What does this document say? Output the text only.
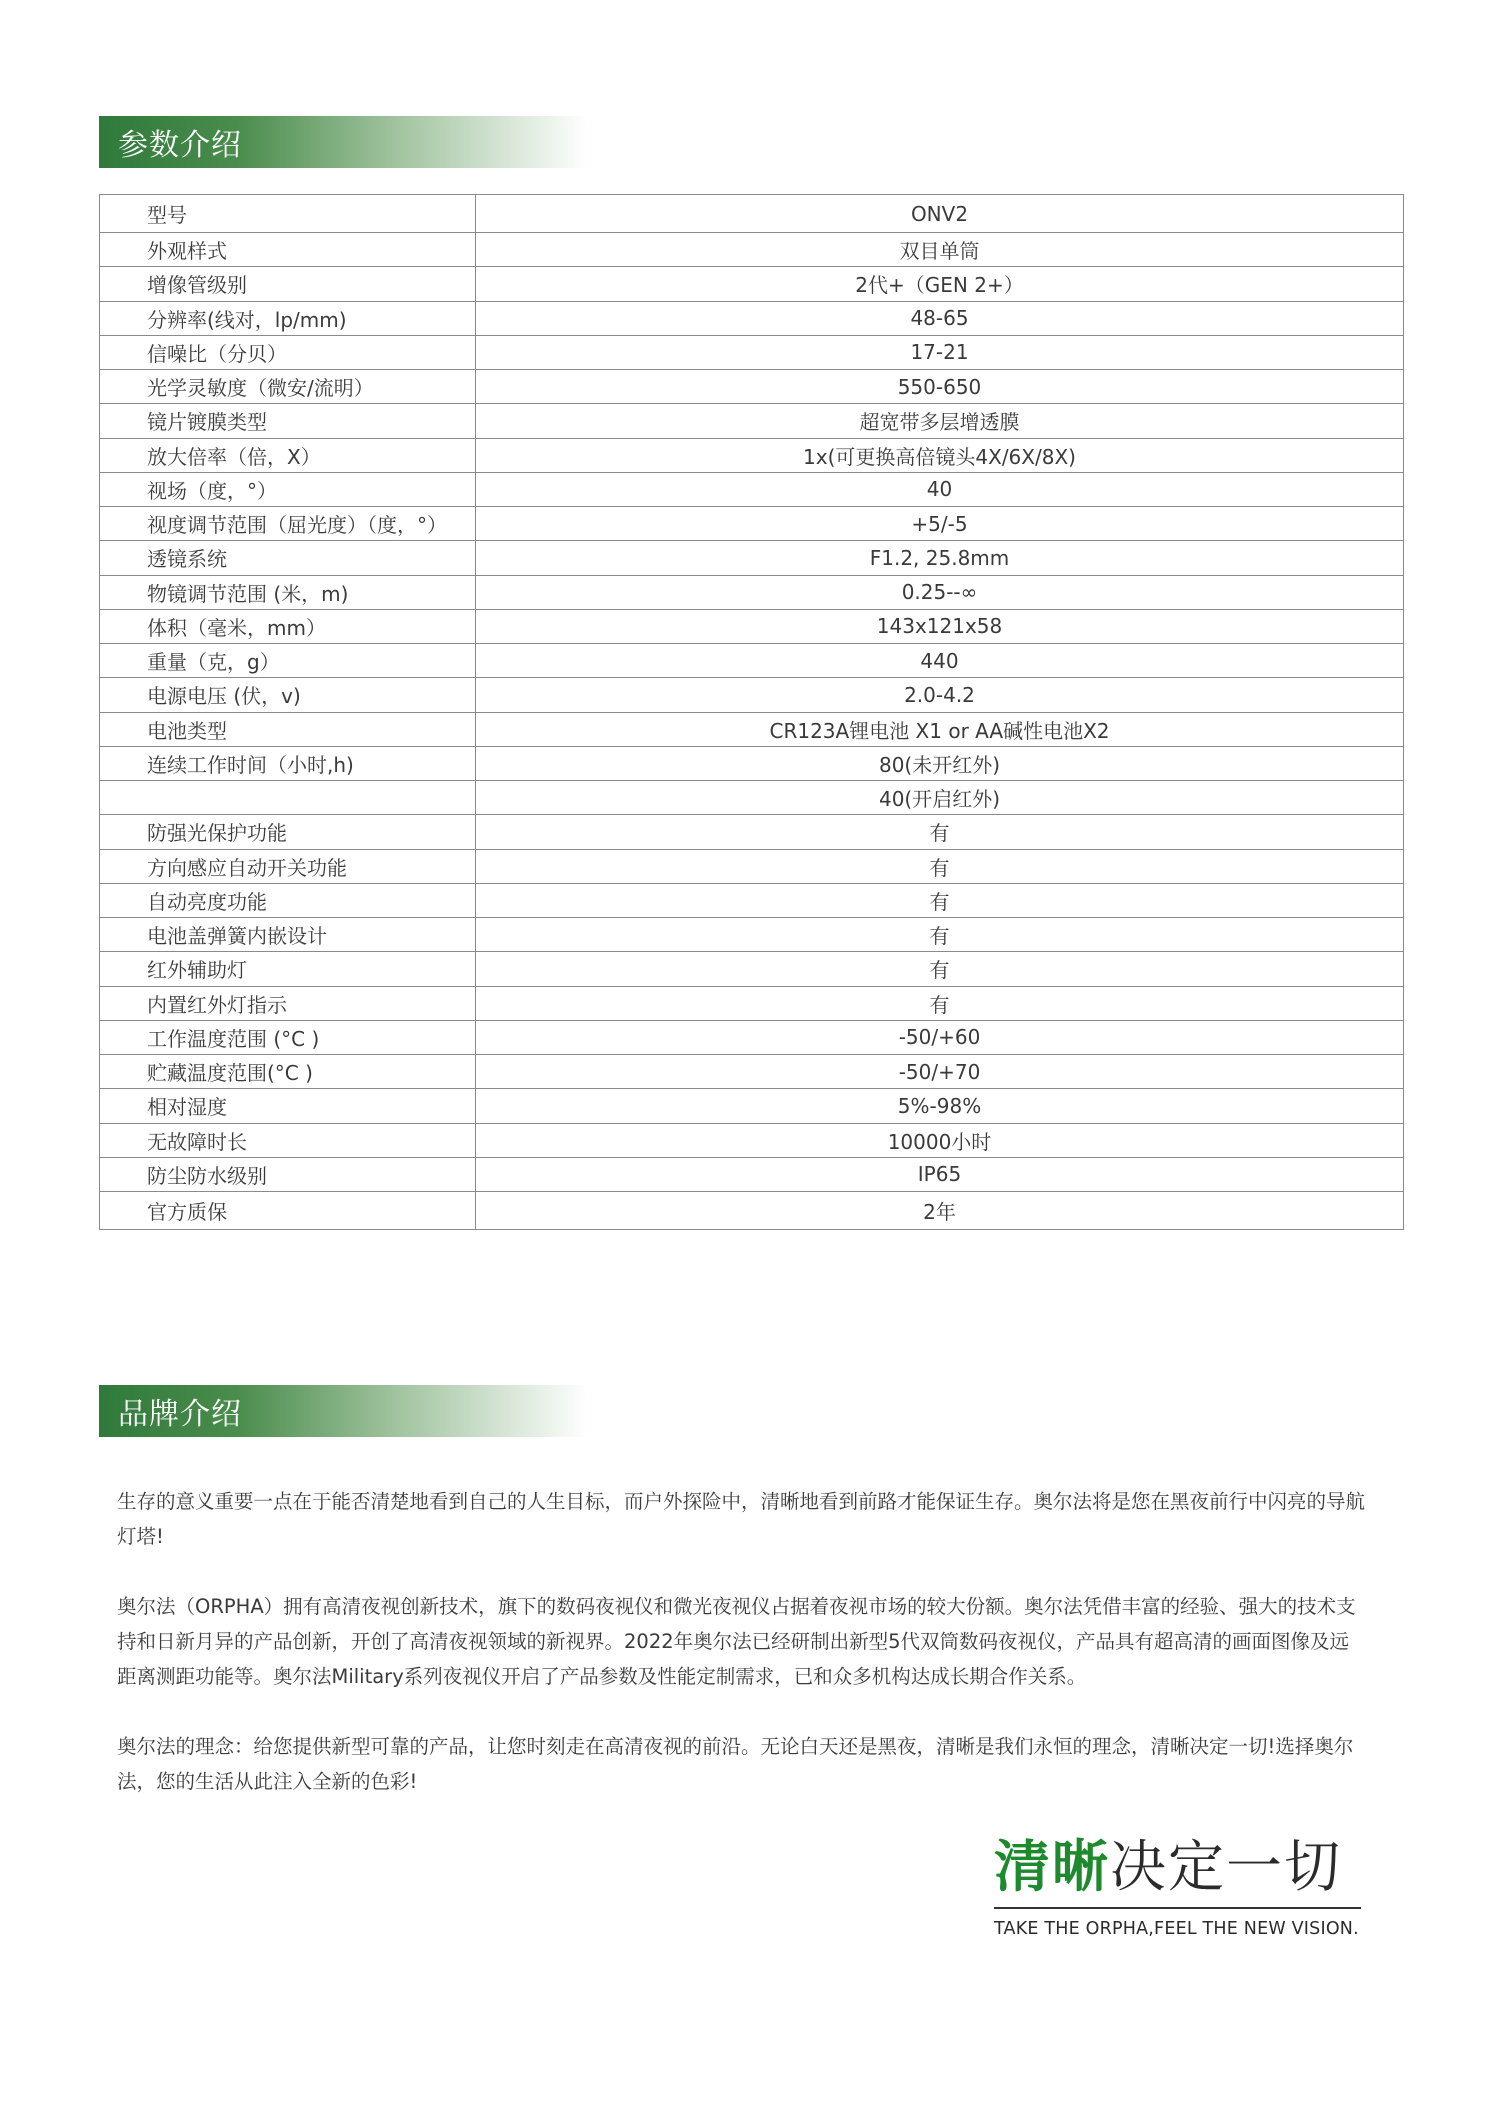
参数介绍
型号	ONV2
外观样式	双目单筒
增像管级别	2代+（GEN 2+）
分辨率(线对，lp/mm)	48-65
信噪比（分贝）	17-21
光学灵敏度（微安/流明）	550-650
镜片镀膜类型	超宽带多层增透膜
放大倍率（倍，X）	1x(可更换高倍镜头4X/6X/8X)
视场（度，°）	40
视度调节范围（屈光度）（度，°）	+5/-5
透镜系统	F1.2, 25.8mm
物镜调节范围 (米，m)	0.25--∞
体积（毫米，mm）	143x121x58
重量（克，g）	440
电源电压 (伏，v)	2.0-4.2
电池类型	CR123A锂电池 X1 or AA碱性电池X2
连续工作时间（小时,h)	80(未开红外)
	40(开启红外)
防强光保护功能	有
方向感应自动开关功能	有
自动亮度功能	有
电池盖弹簧内嵌设计	有
红外辅助灯	有
内置红外灯指示	有
工作温度范围 (°C )	-50/+60
贮藏温度范围(°C )	-50/+70
相对湿度	5%-98%
无故障时长	10000小时
防尘防水级别	IP65
官方质保	2年
品牌介绍

生存的意义重要一点在于能否清楚地看到自己的人生目标，而户外探险中，清晰地看到前路才能保证生存。奥尔法将是您在黑夜前行中闪亮的导航灯塔!

奥尔法（ORPHA）拥有高清夜视创新技术，旗下的数码夜视仪和微光夜视仪占据着夜视市场的较大份额。奥尔法凭借丰富的经验、强大的技术支持和日新月异的产品创新，开创了高清夜视领域的新视界。2022年奥尔法已经研制出新型5代双筒数码夜视仪，产品具有超高清的画面图像及远距离测距功能等。奥尔法Military系列夜视仪开启了产品参数及性能定制需求，已和众多机构达成长期合作关系。

奥尔法的理念：给您提供新型可靠的产品，让您时刻走在高清夜视的前沿。无论白天还是黑夜，清晰是我们永恒的理念，清晰决定一切!选择奥尔法，您的生活从此注入全新的色彩!

清晰决定一切
TAKE THE ORPHA,FEEL THE NEW VISION.
